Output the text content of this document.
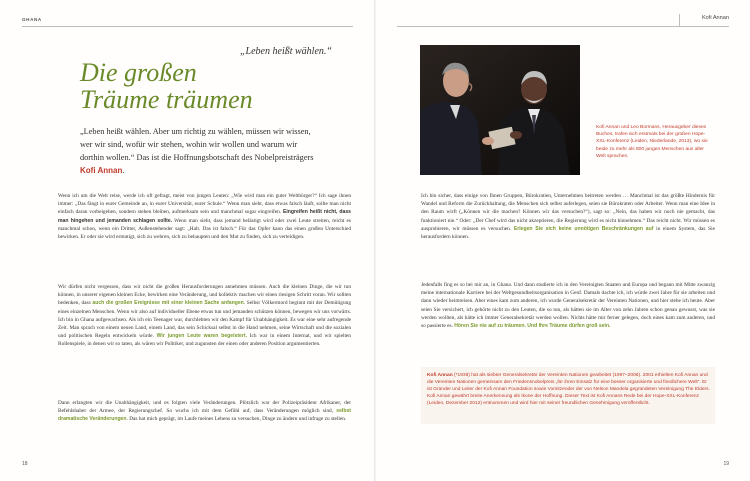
GHANA
„Leben heißt wählen.“
Die großen
Träume träumen
„Leben heißt wählen. Aber um richtig zu wählen, müssen wir wissen,
wer wir sind, wofür wir stehen, wohin wir wollen und warum wir
dorthin wollen.“ Das ist die Hoffnungsbotschaft des Nobelpreisträgers
Kofi Annan.
Wenn ich um die Welt reise, werde ich oft gefragt, meist von jungen Leuten: „Wie wird man ein guter Weltbürger?“ Ich sage ihnen immer: „Das fängt in eurer Gemeinde an, in eurer Universität, eurer Schule.“ Wenn man sieht, dass etwas falsch läuft, sollte man nicht einfach daran vorbeigehen, sondern stehen bleiben, aufmerksam sein und manchmal sogar eingreifen. Eingreifen heißt nicht, dass man hingehen und jemanden schlagen sollte. Wenn man sieht, dass jemand belästigt wird oder zwei Leute streiten, reicht es manchmal schon, wenn ein Dritter, Außenstehender sagt: „Halt. Das ist falsch.“ Für das Opfer kann das einen großen Unterschied bewirken. Er oder sie wird ermutigt, sich zu wehren, sich zu behaupten und den Mut zu finden, sich zu verteidigen.
Wir dürfen nicht vergessen, dass wir nicht die großen Herausforderungen annehmen müssen. Auch die kleinen Dinge, die wir tun können, in unserer eigenen kleinen Ecke, bewirken eine Veränderung, und kollektiv machen wir einen riesigen Schritt voran. Wir sollten bedenken, dass auch die großen Ereignisse mit einer kleinen Sache anfangen. Selbst Völkermord beginnt mit der Demütigung eines einzelnen Menschen. Wenn wir also auf individueller Ebene etwas tun und jemanden schützen können, bewegen wir uns vorwärts. Ich bin in Ghana aufgewachsen. Als ich ein Teenager war, durchlebten wir den Kampf für Unabhängigkeit. Es war eine sehr aufregende Zeit. Man sprach von einem neuen Land, einem Land, das sein Schicksal selbst in die Hand nehmen, seine Wirtschaft und die sozialen und politischen Regeln entwickeln würde. Wir jungen Leute waren begeistert. Ich war in einem Internat, und wir spielten Rollenspiele, in denen wir so taten, als wären wir Politiker, und zugunsten der einen oder anderen Position argumentierten.
Dann erlangten wir die Unabhängigkeit, und es folgten viele Veränderungen. Plötzlich war der Polizeipräsident Afrikaner, der Befehlshaber der Armee, der Regierungschef. So wuchs ich mit dem Gefühl auf, dass Veränderungen möglich sind, selbst dramatische Veränderungen. Das hat mich geprägt, im Laufe meines Lebens zu versuchen, Dinge zu ändern und infrage zu stellen.
18
Kofi Annan
Kofi Annan und Leo Bormans, Herausgeber dieses Buches, trafen sich erstmals bei der großen Hope-XXL-Konferenz (Leiden, Niederlande, 2013), wo sie beide zu mehr als 800 jungen Menschen aus aller Welt sprachen.
Ich bin sicher, dass einige von Ihnen Gruppen, Bürokratien, Unternehmen beitreten werden … Manchmal ist das größte Hindernis für Wandel und Reform die Zurückhaltung, die Menschen sich selbst auferlegen, seien sie Bürokraten oder Arbeiter. Wenn man eine Idee in den Raum wirft („Können wir die machen? Können wir das versuchen?“), sagt so: „Nein, das haben wir noch nie gemacht, das funktioniert nie.“ Oder: „Der Chef wird das nicht akzeptieren, die Regierung wird es nicht hinnehmen.“ Das reicht nicht. Wir müssen es ausprobieren, wir müssen es versuchen. Erlegen Sie sich keine unnötigen Beschränkungen auf in einem System, das Sie herausfordern können.
Jedenfalls fing es so bei mir an, in Ghana. Und dann studierte ich in den Vereinigten Staaten und Europa und begann mit Mitte zwanzig meine internationale Karriere bei der Weltgesundheitsorganisation in Genf. Damals dachte ich, ich würde zwei Jahre für sie arbeiten und dann wieder heimreisen. Aber eines kam zum anderen, ich wurde Generalsekretär der Vereinten Nationen, und hier stehe ich heute. Aber seien Sie versichert, ich gehörte nicht zu den Leuten, die so tun, als hätten sie im Alter von zehn Jahren schon genau gewusst, was sie werden wollten, als hätte ich immer Generalsekretär werden wollen. Nichts hätte mir ferner gelegen, doch eines kam zum anderen, und so passierte es. Hören Sie nie auf zu träumen. Und Ihre Träume dürfen groß sein.
Kofi Annan (*1938) hat als siebter Generalsekretär der Vereinten Nationen gearbeitet (1997–2006). 2001 erhielten Kofi Annan und die Vereinten Nationen gemeinsam den Friedensnobelpreis „für ihren Einsatz für eine besser organisierte und friedlichere Welt“. Er ist Gründer und Leiter der Kofi Annan Foundation sowie Vorsitzender der von Nelson Mandela gegründeten Vereinigung The Elders. Kofi Annan gewährt breite Anerkennung als Ikone der Hoffnung. Dieser Text ist Kofi Annans Rede bei der Hope-XXL-Konferenz (Leiden, Dezember 2012) entnommen und wird hier mit seiner freundlichen Genehmigung veröffentlicht.
19
